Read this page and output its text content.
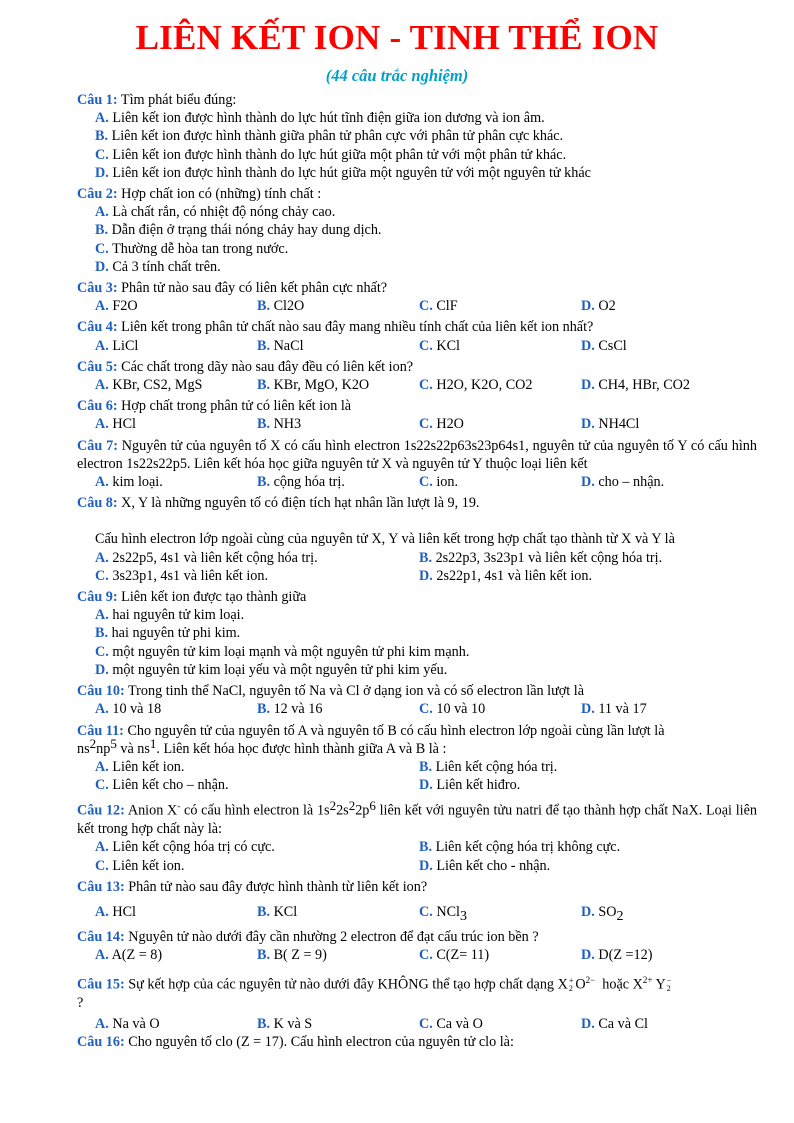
LIÊN KẾT ION - TINH THỂ ION
(44 câu trắc nghiệm)
Câu 1: Tìm phát biểu đúng:
A. Liên kết ion được hình thành do lực hút tĩnh điện giữa ion dương và ion âm.
B. Liên kết ion được hình thành giữa phân tử phân cực với phân tử phân cực khác.
C. Liên kết ion được hình thành do lực hút giữa một phân tử với một phân tử khác.
D. Liên kết ion được hình thành do lực hút giữa một nguyên tử với một nguyên tử khác
Câu 2: Hợp chất ion có (những) tính chất :
A. Là chất rắn, có nhiệt độ nóng chảy cao.
B. Dẫn điện ở trạng thái nóng chảy hay dung dịch.
C. Thường dễ hòa tan trong nước.
D. Cả 3 tính chất trên.
Câu 3: Phân tử nào sau đây có liên kết phân cực nhất?
A. F2O	B. Cl2O	C. ClF	D. O2
Câu 4: Liên kết trong phân tử chất nào sau đây mang nhiều tính chất của liên kết ion nhất?
A. LiCl	B. NaCl	C. KCl	D. CsCl
Câu 5: Các chất trong dãy nào sau đây đều có liên kết ion?
A. KBr, CS2, MgS	B. KBr, MgO, K2O	C. H2O, K2O, CO2	D. CH4, HBr, CO2
Câu 6: Hợp chất trong phân tử có liên kết ion là
A. HCl	B. NH3	C. H2O	D. NH4Cl
Câu 7: Nguyên tử của nguyên tố X có cấu hình electron 1s22s22p63s23p64s1, nguyên tử của nguyên tố Y có cấu hình electron 1s22s22p5. Liên kết hóa học giữa nguyên tử X và nguyên tử Y thuộc loại liên kết
A. kim loại.	B. cộng hóa trị.	C. ion.	D. cho – nhận.
Câu 8: X, Y là những nguyên tố có điện tích hạt nhân lần lượt là 9, 19.
Cấu hình electron lớp ngoài cùng của nguyên tử X, Y và liên kết trong hợp chất tạo thành từ X và Y là
A. 2s22p5, 4s1 và liên kết cộng hóa trị.	B. 2s22p3, 3s23p1 và liên kết cộng hóa trị.
C. 3s23p1, 4s1 và liên kết ion.	D. 2s22p1, 4s1 và liên kết ion.
Câu 9: Liên kết ion được tạo thành giữa
A. hai nguyên tử kim loại.
B. hai nguyên tử phi kim.
C. một nguyên tử kim loại mạnh và một nguyên tử phi kim mạnh.
D. một nguyên tử kim loại yếu và một nguyên tử phi kim yếu.
Câu 10: Trong tinh thể NaCl, nguyên tố Na và Cl ở dạng ion và có số electron lần lượt là
A. 10 và 18	B. 12 và 16	C. 10 và 10	D. 11 và 17
Câu 11: Cho nguyên tử của nguyên tố A và nguyên tố B có cấu hình electron lớp ngoài cùng lần lượt là
ns2np5 và ns1. Liên kết hóa học được hình thành giữa A và B là :
A. Liên kết ion.	B. Liên kết cộng hóa trị.
C. Liên kết cho – nhận.	D. Liên kết hiđro.
Câu 12: Anion X- có cấu hình electron là 1s22s22p6 liên kết với nguyên tửu natri để tạo thành hợp chất NaX. Loại liên kết trong hợp chất này là:
A. Liên kết cộng hóa trị có cực.	B. Liên kết cộng hóa trị không cực.
C. Liên kết ion.	D. Liên kết cho - nhận.
Câu 13: Phân tử nào sau đây được hình thành từ liên kết ion?
A. HCl	B. KCl	C. NCl3	D. SO2
Câu 14: Nguyên tử nào dưới đây cần nhường 2 electron để đạt cấu trúc ion bền ?
A. A(Z = 8)	B. B( Z = 9)	C. C(Z= 11)	D. D(Z =12)
Câu 15: Sự kết hợp của các nguyên tử nào dưới đây KHÔNG thể tạo hợp chất dạng X+
2 $O^{2-}$ hoặc $X^{2+}$ Y−
2
?
A. Na và O	B. K và S	C. Ca và O	D. Ca và Cl
Câu 16: Cho nguyên tố clo (Z = 17). Cấu hình electron của nguyên tử clo là:
